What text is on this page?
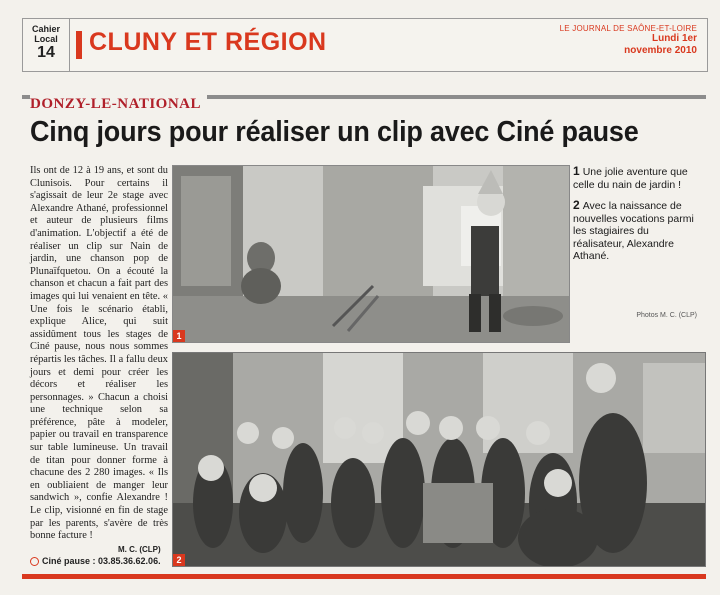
Cahier
Local
14	CLUNY ET RÉGION	LE JOURNAL DE SAÔNE-ET-LOIRE
Lundi 1er
novembre 2010
DONZY-LE-NATIONAL
Cinq jours pour réaliser un clip avec Ciné pause
Ils ont de 12 à 19 ans, et sont du Clunisois. Pour certains il s'agissait de leur 2e stage avec Alexandre Athané, professionnel et auteur de plusieurs films d'animation. L'objectif a été de réaliser un clip sur Nain de jardin, une chanson pop de Plunaïfquetou. On a écouté la chanson et chacun a fait part des images qui lui venaient en tête. « Une fois le scénario établi, explique Alice, qui suit assidûment tous les stages de Ciné pause, nous nous sommes répartis les tâches. Il a fallu deux jours et demi pour créer les décors et réaliser les personnages. » Chacun a choisi une technique selon sa préférence, pâte à modeler, papier ou travail en transparence sur table lumineuse. Un travail de titan pour donner forme à chacune des 2 280 images. « Ils en oubliaient de manger leur sandwich », confie Alexandre ! Le clip, visionné en fin de stage par les parents, s'avère de très bonne facture !
M. C. (CLP)
Ciné pause : 03.85.36.62.06.
1
1 Une jolie aventure que celle du nain de jardin !
2 Avec la naissance de nouvelles vocations parmi les stagiaires du réalisateur, Alexandre Athané.
Photos M. C. (CLP)
2
